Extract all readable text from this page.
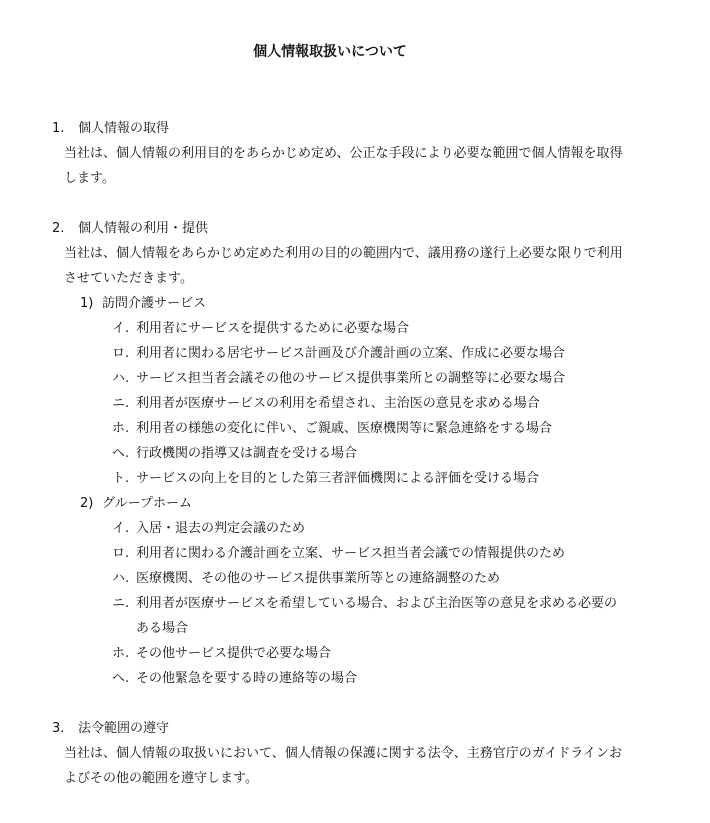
個人情報取扱いについて
1. 個人情報の取得
当社は、個人情報の利用目的をあらかじめ定め、公正な手段により必要な範囲で個人情報を取得
します。
2. 個人情報の利用・提供
当社は、個人情報をあらかじめ定めた利用の目的の範囲内で、議用務の遂行上必要な限りで利用
させていただきます。
1) 訪問介護サービス
イ. 利用者にサービスを提供するために必要な場合
ロ. 利用者に関わる居宅サービス計画及び介護計画の立案、作成に必要な場合
ハ. サービス担当者会議その他のサービス提供事業所との調整等に必要な場合
ニ. 利用者が医療サービスの利用を希望され、主治医の意見を求める場合
ホ. 利用者の様態の変化に伴い、ご親戚、医療機関等に緊急連絡をする場合
ヘ. 行政機関の指導又は調査を受ける場合
ト. サービスの向上を目的とした第三者評価機関による評価を受ける場合
2) グループホーム
イ. 入居・退去の判定会議のため
ロ. 利用者に関わる介護計画を立案、サービス担当者会議での情報提供のため
ハ. 医療機関、その他のサービス提供事業所等との連絡調整のため
ニ. 利用者が医療サービスを希望している場合、および主治医等の意見を求める必要の
ある場合
ホ. その他サービス提供で必要な場合
ヘ. その他緊急を要する時の連絡等の場合
3. 法令範囲の遵守
当社は、個人情報の取扱いにおいて、個人情報の保護に関する法令、主務官庁のガイドラインお
よびその他の範囲を遵守します。
